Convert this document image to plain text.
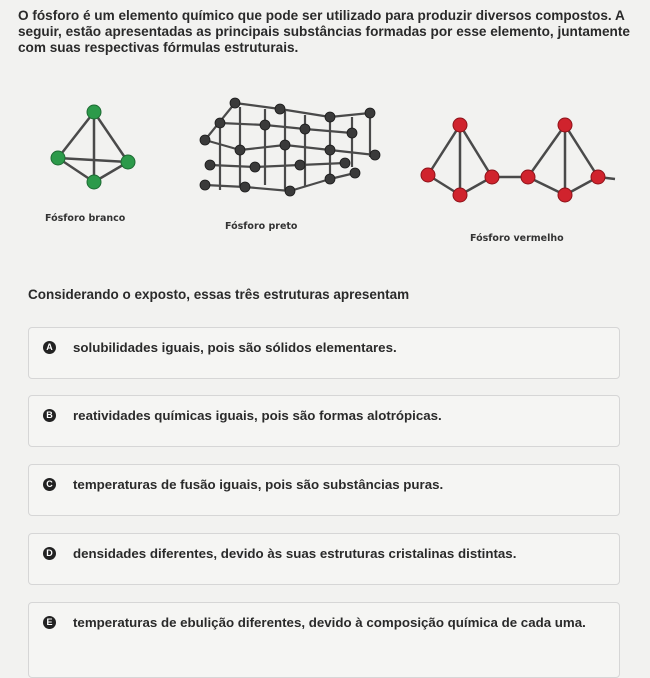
O fósforo é um elemento químico que pode ser utilizado para produzir diversos compostos. A seguir, estão apresentadas as principais substâncias formadas por esse elemento, juntamente com suas respectivas fórmulas estruturais.
Fósforo branco
Fósforo preto
Fósforo vermelho
Considerando o exposto, essas três estruturas apresentam
A solubilidades iguais, pois são sólidos elementares.
B reatividades químicas iguais, pois são formas alotrópicas.
C temperaturas de fusão iguais, pois são substâncias puras.
D densidades diferentes, devido às suas estruturas cristalinas distintas.
E temperaturas de ebulição diferentes, devido à composição química de cada uma.
